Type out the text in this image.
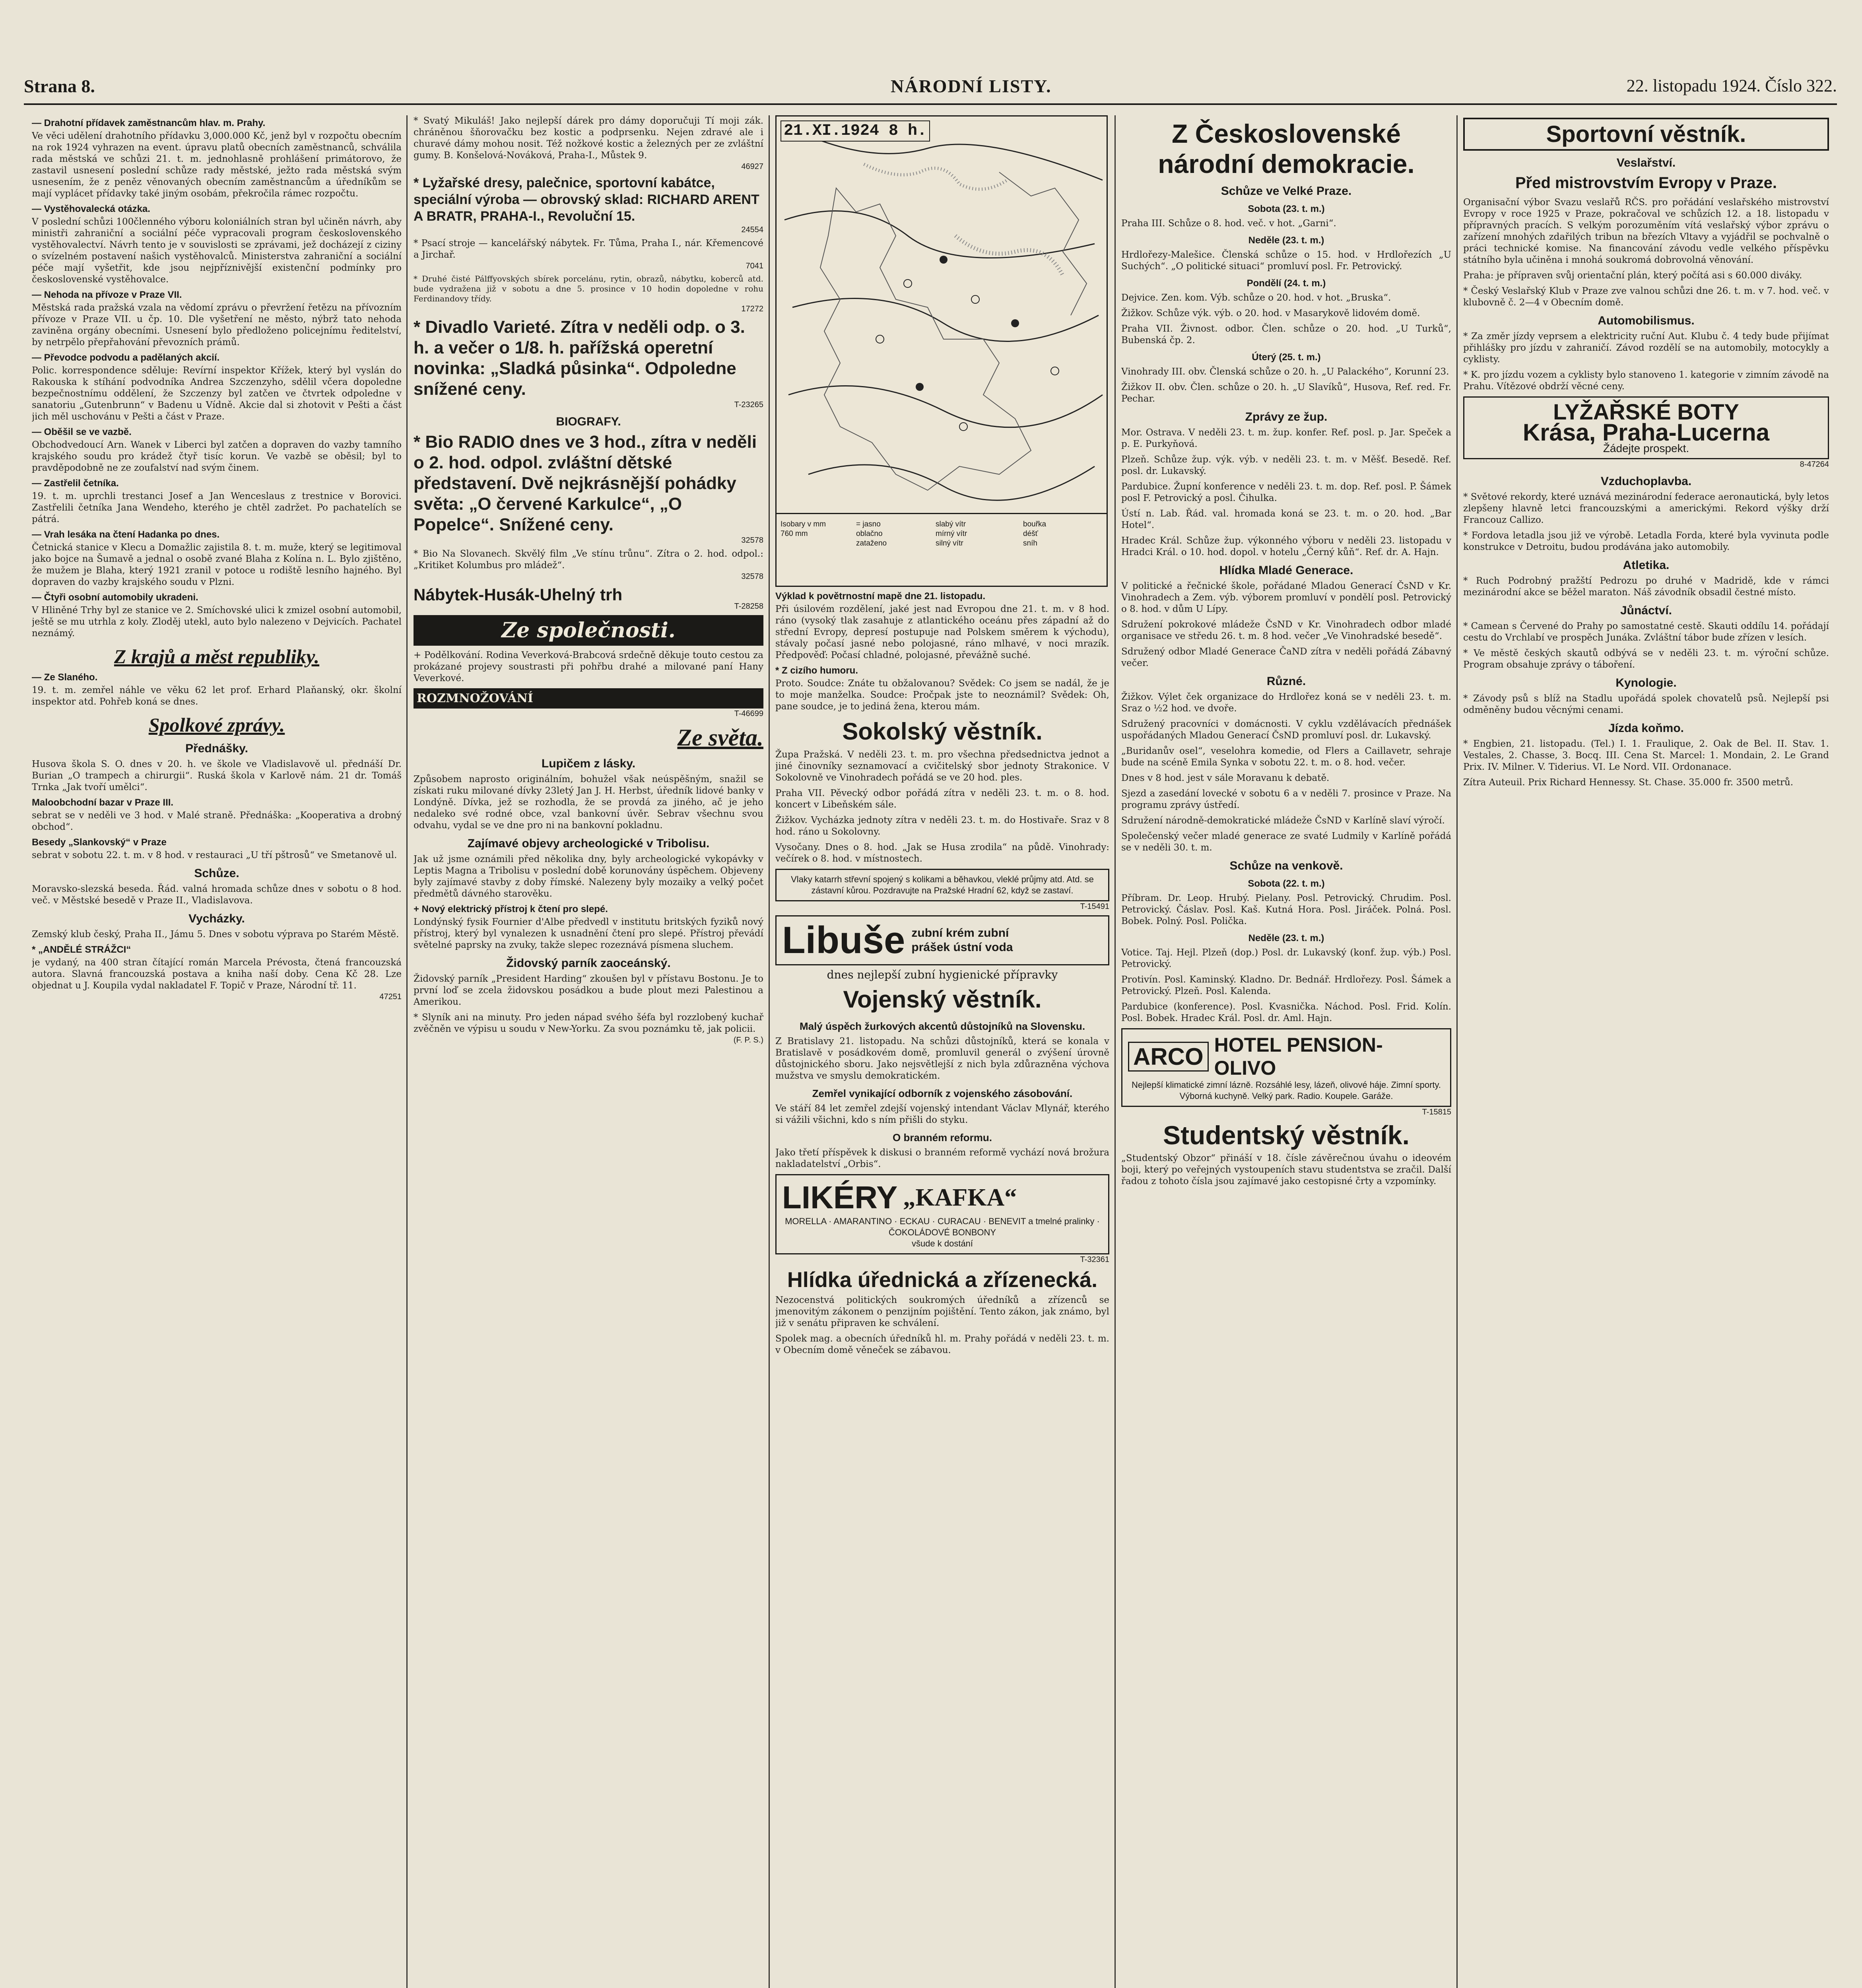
Strana 8.	NÁRODNÍ LISTY.	22. listopadu 1924. Číslo 322.
— Drahotní přídavek zaměstnancům hlav. m. Prahy.

Ve věci udělení drahotního přídavku 3,000.000 Kč, jenž byl v rozpočtu obecním na rok 1924 vyhrazen na event. úpravu platů obecních zaměstnanců, schválila rada městská ve schůzi 21. t. m. jednohlasně prohlášení primátorovo, že zastavil usnesení poslední schůze rady městské, ježto rada městská svým usnesením, že z peněz věnovaných obecním zaměstnancům a úředníkům se mají vyplácet přídavky také jiným osobám, překročila rámec rozpočtu.

— Vystěhovalecká otázka.

V poslední schůzi 100členného výboru koloniálních stran byl učiněn návrh, aby ministři zahraniční a sociální péče vypracovali program československého vystěhovalectví. Návrh tento je v souvislosti se zprávami, jež docházejí z ciziny o svízelném postavení našich vystěhovalců. Ministerstva zahraniční a sociální péče mají vyšetřit, kde jsou nejpříznivější existenční podmínky pro československé vystěhovalce.

— Nehoda na přívoze v Praze VII.

Městská rada pražská vzala na vědomí zprávu o převržení řetězu na přívozním přívoze v Praze VII. u čp. 10. Dle vyšetření ne město, nýbrž tato nehoda zaviněna orgány obecními. Usnesení bylo předloženo policejnímu ředitelství, by netrpělo přepřahování převozních prámů.

— Převodce podvodu a padělaných akcií.

Polic. korrespondence sděluje: Revírní inspektor Křížek, který byl vyslán do Rakouska k stíhání podvodníka Andrea Szczenzyho, sdělil včera dopoledne bezpečnostnímu oddělení, že Szczenzy byl zatčen ve čtvrtek odpoledne v sanatoriu „Gutenbrunn“ v Badenu u Vídně. Akcie dal si zhotovit v Pešti a část jich měl uschovánu v Pešti a část v Praze.

— Oběšil se ve vazbě.

Obchodvedoucí Arn. Wanek v Liberci byl zatčen a dopraven do vazby tamního krajského soudu pro krádež čtyř tisíc korun. Ve vazbě se oběsil; byl to pravděpodobně ne ze zoufalství nad svým činem.

— Zastřelil četníka.

19. t. m. uprchli trestanci Josef a Jan Wenceslaus z trestnice v Borovici. Zastřelili četníka Jana Wendeho, kterého je chtěl zadržet. Po pachatelích se pátrá.

— Vrah lesáka na čtení Hadanka po dnes.

Četnická stanice v Klecu a Domažlic zajistila 8. t. m. muže, který se legitimoval jako bojce na Šumavě a jednal o osobě zvané Blaha z Kolína n. L. Bylo zjištěno, že mužem je Blaha, který 1921 zranil v potoce u rodiště lesního hajného. Byl dopraven do vazby krajského soudu v Plzni.

— Čtyři osobní automobily ukradeni.

V Hliněné Trhy byl ze stanice ve 2. Smíchovské ulici k zmizel osobní automobil, ještě se mu utrhla z koly. Zloděj utekl, auto bylo nalezeno v Dejvicích. Pachatel neznámý.

Z krajů a měst republiky.
— Ze Slaného.

19. t. m. zemřel náhle ve věku 62 let prof. Erhard Plaňanský, okr. školní inspektor atd. Pohřeb koná se dnes.

Spolkové zprávy.
Přednášky.

Husova škola S. O. dnes v 20. h. ve škole ve Vladislavově ul. přednáší Dr. Burian „O trampech a chirurgii“. Ruská škola v Karlově nám. 21 dr. Tomáš Trnka „Jak tvoří umělci“.

Maloobchodní bazar v Praze III.

sebrat se v neděli ve 3 hod. v Malé straně. Přednáška: „Kooperativa a drobný obchod“.

Besedy „Slankovský“ v Praze

sebrat v sobotu 22. t. m. v 8 hod. v restauraci „U tří pštrosů“ ve Smetanově ul.

Schůze.

Moravsko-slezská beseda. Řád. valná hromada schůze dnes v sobotu o 8 hod. več. v Městské besedě v Praze II., Vladislavova.

Vycházky.

Zemský klub český, Praha II., Jámu 5. Dnes v sobotu výprava po Starém Městě.

* „ANDĚLÉ STRÁŽCI“

je vydaný, na 400 stran čítající román Marcela Prévosta, čtená francouzská autora. Slavná francouzská postava a kniha naší doby. Cena Kč 28. Lze objednat u J. Koupila vydal nakladatel F. Topič v Praze, Národní tř. 11.

47251

* Svatý Mikuláš! Jako nejlepší dárek pro dámy doporučuji Tí moji zák. chráněnou šňorovačku bez kostic a podprsenku. Nejen zdravé ale i churavé dámy mohou nosit. Též nožkové kostic a železných per ze zvláštní gumy. B. Konšelová-Nováková, Praha-I., Můstek 9.

46927

* Lyžařské dresy, palečnice, sportovní kabátce, speciální výroba — obrovský sklad: RICHARD ARENT A BRATR, PRAHA-I., Revoluční 15.

24554

* Psací stroje — kancelářský nábytek. Fr. Tůma, Praha I., nár. Křemencové a Jirchař.

7041

* Druhé čisté Pálffyovských sbírek porcelánu, rytin, obrazů, nábytku, koberců atd. bude vydražena již v sobotu a dne 5. prosince v 10 hodin dopoledne v rohu Ferdinandovy třídy.

17272

* Divadlo Varieté. Zítra v neděli odp. o 3. h. a večer o 1/8. h. pařížská operetní novinka: „Sladká půsinka“. Odpoledne snížené ceny.

T-23265
BIOGRAFY.

* Bio RADIO dnes ve 3 hod., zítra v neděli o 2. hod. odpol. zvláštní dětské představení. Dvě nejkrásnější pohádky světa: „O červené Karkulce“, „O Popelce“. Snížené ceny.

32578

* Bio Na Slovanech. Skvělý film „Ve stínu trůnu“. Zítra o 2. hod. odpol.: „Kritiket Kolumbus pro mládež“.

32578
Nábytek-Husák-Uhelný trh
T-28258
Ze společnosti.

+ Podělkování. Rodina Veverková-Brabcová srdečně děkuje touto cestou za prokázané projevy soustrasti při pohřbu drahé a milované paní Hany Veverkové.

ROZMNOŽOVÁNÍ
T-46699
Ze světa.
Lupičem z lásky.

Způsobem naprosto originálním, bohužel však neúspěšným, snažil se získati ruku milované dívky 23letý Jan J. H. Herbst, úředník lidové banky v Londýně. Dívka, jež se rozhodla, že se provdá za jiného, ač je jeho nedaleko své rodné obce, vzal bankovní úvěr. Sebrav všechnu svou odvahu, vydal se ve dne pro ni na bankovní pokladnu.

Zajímavé objevy archeologické v Tribolisu.

Jak už jsme oznámili před několika dny, byly archeologické vykopávky v Leptis Magna a Tribolisu v poslední době korunovány úspěchem. Objeveny byly zajímavé stavby z doby římské. Nalezeny byly mozaiky a velký počet předmětů dávného starověku.

+ Nový elektrický přístroj k čtení pro slepé.

Londýnský fysik Fournier d'Albe předvedl v institutu britských fyziků nový přístroj, který byl vynalezen k usnadnění čtení pro slepé. Přístroj převádí světelné paprsky na zvuky, takže slepec rozeznává písmena sluchem.

Židovský parník zaoceánský.

Židovský parník „President Harding“ zkoušen byl v přístavu Bostonu. Je to první loď se zcela židovskou posádkou a bude plout mezi Palestinou a Amerikou.

* Slyník ani na minuty. Pro jeden nápad svého šéfa byl rozzlobený kuchař zvěčněn ve výpisu u soudu v New-Yorku. Za svou poznámku tě, jak policii.

(F. P. S.)
21.XI.1924 8 h.
Isobary v mm
760 mm
= jasno
oblačno
zataženo
slabý vítr
mírný vítr
silný vítr
bouřka
déšť
sníh
Výklad k povětrnostní mapě dne 21. listopadu.

Při úsilovém rozdělení, jaké jest nad Evropou dne 21. t. m. v 8 hod. ráno (vysoký tlak zasahuje z atlantického oceánu přes západní až do střední Evropy, depresí postupuje nad Polskem směrem k východu), stávaly počasí jasné nebo polojasné, ráno mlhavé, v noci mrazík. Předpověď: Počasí chladné, polojasné, převážně suché.

* Z cizího humoru.

Proto. Soudce: Znáte tu obžalovanou? Svědek: Co jsem se nadál, že je to moje manželka. Soudce: Pročpak jste to neoznámil? Svědek: Oh, pane soudce, je to jediná žena, kterou mám.

Sokolský věstník.

Župa Pražská. V neděli 23. t. m. pro všechna předsednictva jednot a jiné činovníky seznamovací a cvičitelský sbor jednoty Strakonice. V Sokolovně ve Vinohradech pořádá se ve 20 hod. ples.

Praha VII. Pěvecký odbor pořádá zítra v neděli 23. t. m. o 8. hod. koncert v Libeňském sále.

Žižkov. Vycházka jednoty zítra v neděli 23. t. m. do Hostivaře. Sraz v 8 hod. ráno u Sokolovny.

Vysočany. Dnes o 8. hod. „Jak se Husa zrodila“ na půdě. Vinohrady: večírek o 8. hod. v místnostech.

Vlaky katarrh střevní spojený s kolikami a běhavkou, vleklé průjmy atd. Atd. se zástavní kůrou. Pozdravujte na Pražské Hradní 62, když se zastaví.
T-15491
Libuše zubní krém zubní prášek ústní voda
dnes nejlepší zubní hygienické přípravky
Vojenský věstník.
Malý úspěch žurkových akcentů důstojníků na Slovensku.

Z Bratislavy 21. listopadu. Na schůzi důstojníků, která se konala v Bratislavě v posádkovém domě, promluvil generál o zvýšení úrovně důstojnického sboru. Jako nejsvětlejší z nich byla zdůrazněna výchova mužstva ve smyslu demokratickém.

Zemřel vynikající odborník z vojenského zásobování.

Ve stáří 84 let zemřel zdejší vojenský intendant Václav Mlynář, kterého si vážili všichni, kdo s ním přišli do styku.

O branném reformu.

Jako třetí příspěvek k diskusi o branném reformě vychází nová brožura nakladatelství „Orbis“.

LIKÉRY „KAFKA“
MORELLA · AMARANTINO · ECKAU · CURACAU · BENEVIT a tmelné pralinky · ČOKOLÁDOVÉ BONBONY
všude k dostání
T-32361
Hlídka úřednická a zřízenecká.

Nezocenstvá politických soukromých úředníků a zřízenců se jmenovitým zákonem o penzijním pojištění. Tento zákon, jak známo, byl již v senátu připraven ke schválení.

Spolek mag. a obecních úředníků hl. m. Prahy pořádá v neděli 23. t. m. v Obecním domě věneček se zábavou.

Z Československé národní demokracie.
Schůze ve Velké Praze.
Sobota (23. t. m.)

Praha III. Schůze o 8. hod. več. v hot. „Garni“.

Neděle (23. t. m.)

Hrdlořezy-Malešice. Členská schůze o 15. hod. v Hrdlořezích „U Suchých“. „O politické situaci“ promluví posl. Fr. Petrovický.

Pondělí (24. t. m.)

Dejvice. Zen. kom. Výb. schůze o 20. hod. v hot. „Bruska“.

Žižkov. Schůze výk. výb. o 20. hod. v Masarykově lidovém domě.

Praha VII. Živnost. odbor. Člen. schůze o 20. hod. „U Turků“, Bubenská čp. 2.

Úterý (25. t. m.)

Vinohrady III. obv. Členská schůze o 20. h. „U Palackého“, Korunní 23.

Žižkov II. obv. Člen. schůze o 20. h. „U Slavíků“, Husova, Ref. red. Fr. Pechar.

Zprávy ze žup.

Mor. Ostrava. V neděli 23. t. m. žup. konfer. Ref. posl. p. Jar. Speček a p. E. Purkyňová.

Plzeň. Schůze žup. výk. výb. v neděli 23. t. m. v Měšť. Besedě. Ref. posl. dr. Lukavský.

Pardubice. Župní konference v neděli 23. t. m. dop. Ref. posl. P. Šámek posl F. Petrovický a posl. Čihulka.

Ústí n. Lab. Řád. val. hromada koná se 23. t. m. o 20. hod. „Bar Hotel“.

Hradec Král. Schůze žup. výkonného výboru v neděli 23. listopadu v Hradci Král. o 10. hod. dopol. v hotelu „Černý kůň“. Ref. dr. A. Hajn.

Hlídka Mladé Generace.

V politické a řečnické škole, pořádané Mladou Generací ČsND v Kr. Vinohradech a Zem. výb. výborem promluví v pondělí posl. Petrovický o 8. hod. v dům U Lípy.

Sdružení pokrokové mládeže ČsND v Kr. Vinohradech odbor mladé organisace ve středu 26. t. m. 8 hod. večer „Ve Vinohradské besedě“.

Sdružený odbor Mladé Generace ČaND zítra v neděli pořádá Zábavný večer.

Různé.

Žižkov. Výlet ček organizace do Hrdlořez koná se v neděli 23. t. m. Sraz o ½2 hod. ve dvoře.

Sdružený pracovníci v domácnosti. V cyklu vzdělávacích přednášek uspořádaných Mladou Generací ČsND promluví posl. dr. Lukavský.

„Buridanův osel“, veselohra komedie, od Flers a Caillavetr, sehraje bude na scéně Emila Synka v sobotu 22. t. m. o 8. hod. večer.

Dnes v 8 hod. jest v sále Moravanu k debatě.

Sjezd a zasedání lovecké v sobotu 6 a v neděli 7. prosince v Praze. Na programu zprávy ústředí.

Sdružení národně-demokratické mládeže ČsND v Karlíně slaví výročí.

Společenský večer mladé generace ze svaté Ludmily v Karlíně pořádá se v neděli 30. t. m.

Schůze na venkově.
Sobota (22. t. m.)

Příbram. Dr. Leop. Hrubý. Pielany. Posl. Petrovický. Chrudim. Posl. Petrovický. Čáslav. Posl. Kaš. Kutná Hora. Posl. Jiráček. Polná. Posl. Bobek. Polný. Posl. Polička.

Neděle (23. t. m.)

Votice. Taj. Hejl. Plzeň (dop.) Posl. dr. Lukavský (konf. žup. výb.) Posl. Petrovický.

Protivín. Posl. Kaminský. Kladno. Dr. Bednář. Hrdlořezy. Posl. Šámek a Petrovický. Plzeň. Posl. Kalenda.

Pardubice (konference). Posl. Kvasnička. Náchod. Posl. Frid. Kolín. Posl. Bobek. Hradec Král. Posl. dr. Aml. Hajn.

ARCO HOTEL PENSION-OLIVO
Nejlepší klimatické zimní lázně. Rozsáhlé lesy, lázeň, olivové háje. Zimní sporty. Výborná kuchyně. Velký park. Radio. Koupele. Garáže.
T-15815
Studentský věstník.

„Studentský Obzor“ přináší v 18. čísle závěrečnou úvahu o ideovém boji, který po veřejných vystoupeních stavu studentstva se zračil. Další řadou z tohoto čísla jsou zajímavé jako cestopisné črty a vzpomínky.

Sportovní věstník.
Veslařství.
Před mistrovstvím Evropy v Praze.

Organisační výbor Svazu veslařů RČS. pro pořádání veslařského mistrovství Evropy v roce 1925 v Praze, pokračoval ve schůzích 12. a 18. listopadu v přípravných pracích. S velkým porozuměním vítá veslařský výbor zprávu o zařízení mnohých zdařilých tribun na březích Vltavy a vyjádřil se pochvalně o práci technické komise. Na financování závodu vedle velkého příspěvku státního byla učiněna i mnohá soukromá dobrovolná věnování.

Praha: je přípraven svůj orientační plán, který počítá asi s 60.000 diváky.

* Český Veslařský Klub v Praze zve valnou schůzi dne 26. t. m. v 7. hod. več. v klubovně č. 2—4 v Obecním domě.

Automobilismus.

* Za změr jízdy veprsem a elektricity ruční Aut. Klubu č. 4 tedy bude přijímat přihlášky pro jízdu v zahraničí. Závod rozdělí se na automobily, motocykly a cyklisty.

* K. pro jízdu vozem a cyklisty bylo stanoveno 1. kategorie v zimním závodě na Prahu. Vítězové obdrží věcné ceny.

LYŽAŘSKÉ BOTY
Krása, Praha-Lucerna
Žádejte prospekt.
8-47264
Vzduchoplavba.

* Světové rekordy, které uznává mezinárodní federace aeronautická, byly letos zlepšeny hlavně letci francouzskými a americkými. Rekord výšky drží Francouz Callizo.

* Fordova letadla jsou již ve výrobě. Letadla Forda, které byla vyvinuta podle konstrukce v Detroitu, budou prodávána jako automobily.

Atletika.

* Ruch Podrobný pražští Pedrozu po druhé v Madridě, kde v rámci mezinárodní akce se běžel maraton. Náš závodník obsadil čestné místo.

Jůnáctví.

* Camean s Červené do Prahy po samostatné cestě. Skauti oddílu 14. pořádají cestu do Vrchlabí ve prospěch Junáka. Zvláštní tábor bude zřízen v lesích.

* Ve městě českých skautů odbývá se v neděli 23. t. m. výroční schůze. Program obsahuje zprávy o táboření.

Kynologie.

* Závody psů s blíž na Stadlu upořádá spolek chovatelů psů. Nejlepší psi odměněny budou věcnými cenami.

Jízda koňmo.

* Engbien, 21. listopadu. (Tel.) I. 1. Fraulique, 2. Oak de Bel. II. Stav. 1. Vestales, 2. Chasse, 3. Bocq. III. Cena St. Marcel: 1. Mondain, 2. Le Grand Prix. IV. Milner. V. Tiderius. VI. Le Nord. VII. Ordonanace.

Zítra Auteuil. Prix Richard Hennessy. St. Chase. 35.000 fr. 3500 metrů.
